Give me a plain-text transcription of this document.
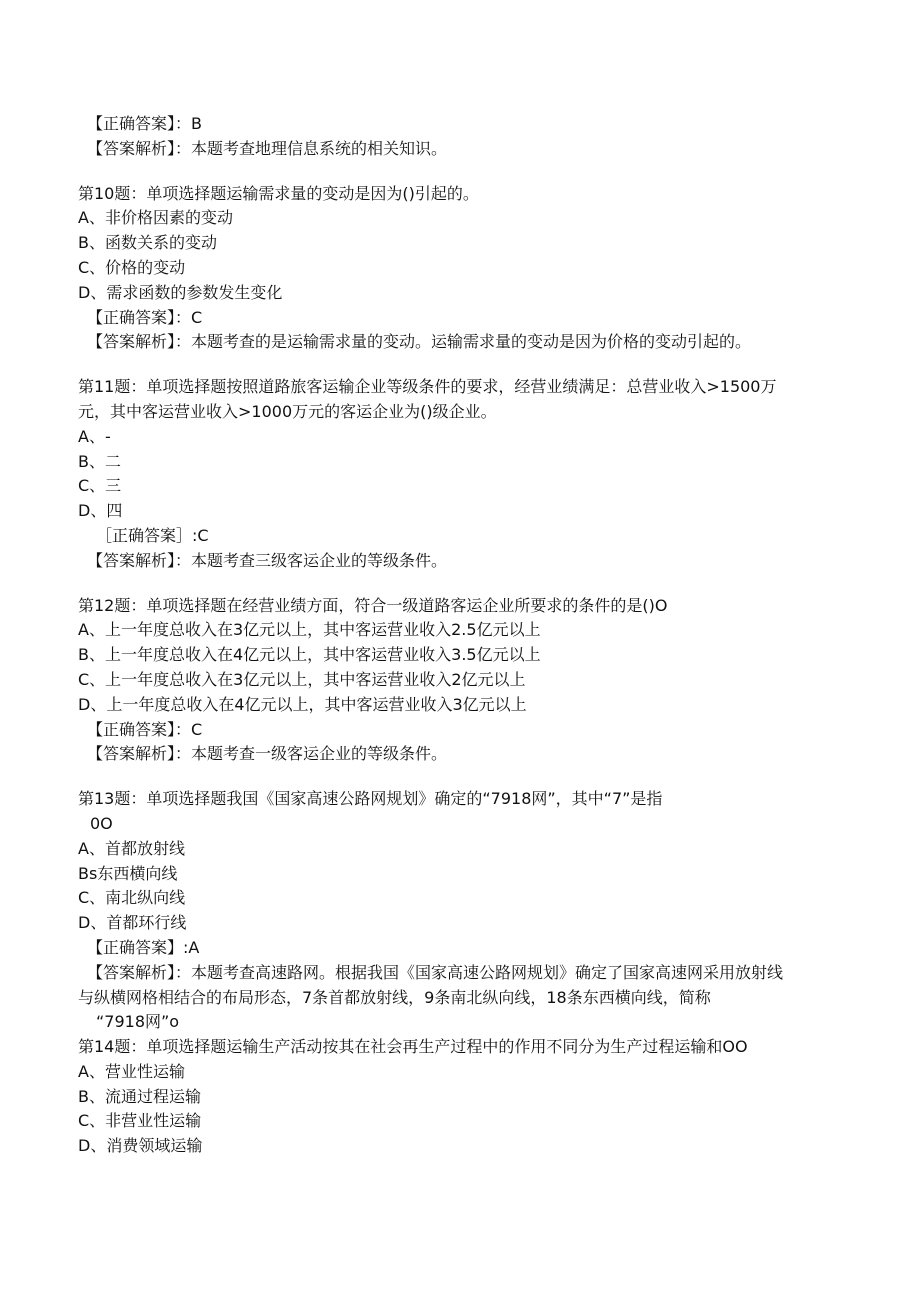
【正确答案】：B
【答案解析】：本题考查地理信息系统的相关知识。
第10题：单项选择题运输需求量的变动是因为()引起的。
A、非价格因素的变动
B、函数关系的变动
C、价格的变动
D、需求函数的参数发生变化
【正确答案】：C
【答案解析】：本题考查的是运输需求量的变动。运输需求量的变动是因为价格的变动引起的。
第11题：单项选择题按照道路旅客运输企业等级条件的要求，经营业绩满足：总营业收入>1500万
元，其中客运营业收入>1000万元的客运企业为()级企业。
A、-
B、二
C、三
D、四
［正确答案］:C
【答案解析】：本题考查三级客运企业的等级条件。
第12题：单项选择题在经营业绩方面，符合一级道路客运企业所要求的条件的是()O
A、上一年度总收入在3亿元以上，其中客运营业收入2.5亿元以上
B、上一年度总收入在4亿元以上，其中客运营业收入3.5亿元以上
C、上一年度总收入在3亿元以上，其中客运营业收入2亿元以上
D、上一年度总收入在4亿元以上，其中客运营业收入3亿元以上
【正确答案】：C
【答案解析】：本题考查一级客运企业的等级条件。
第13题：单项选择题我国《国家高速公路网规划》确定的“7918网”，其中“7”是指
0O
A、首都放射线
Bs东西横向线
C、南北纵向线
D、首都环行线
【正确答案】:A
【答案解析】：本题考查高速路网。根据我国《国家高速公路网规划》确定了国家高速网采用放射线
与纵横网格相结合的布局形态，7条首都放射线，9条南北纵向线，18条东西横向线，简称
“7918网”o
第14题：单项选择题运输生产活动按其在社会再生产过程中的作用不同分为生产过程运输和OO
A、营业性运输
B、流通过程运输
C、非营业性运输
D、消费领域运输
